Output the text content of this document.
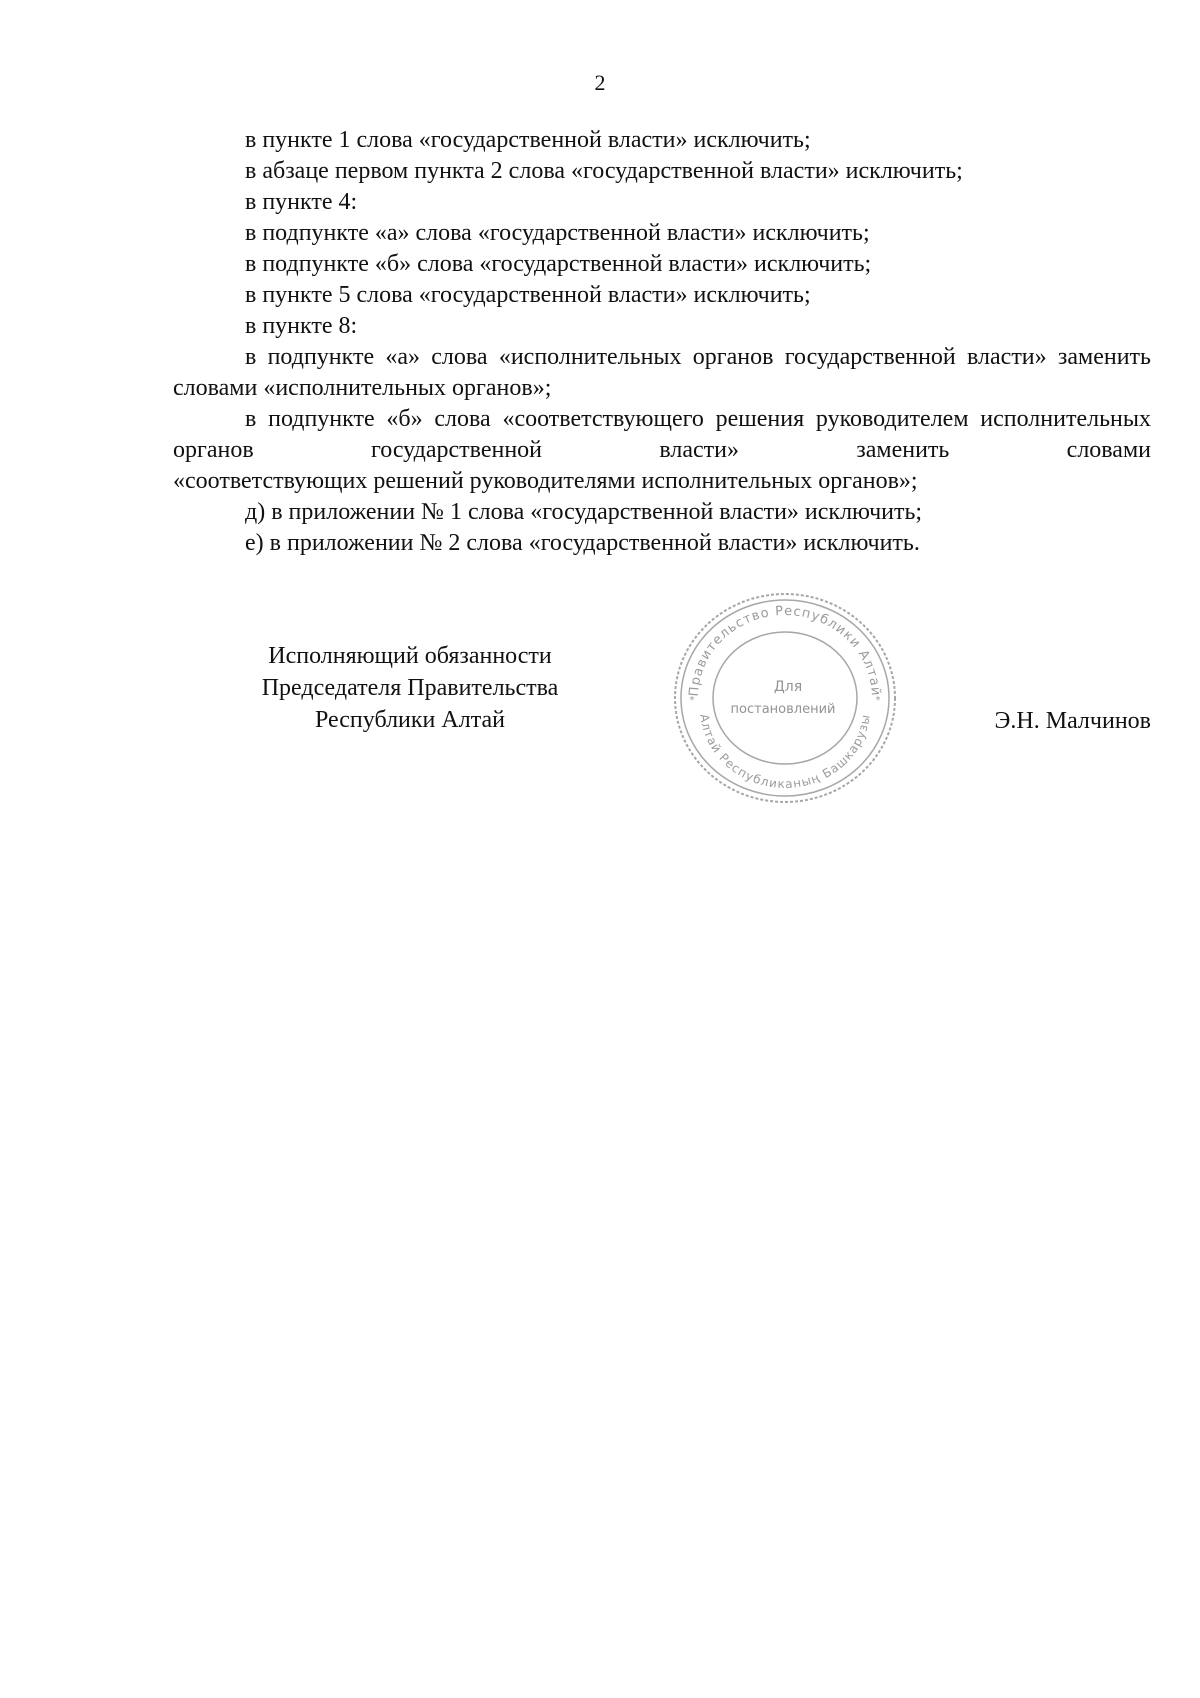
2

в пункте 1 слова «государственной власти» исключить;

в абзаце первом пункта 2 слова «государственной власти» исключить;

в пункте 4:

в подпункте «а» слова «государственной власти» исключить;

в подпункте «б» слова «государственной власти» исключить;

в пункте 5 слова «государственной власти» исключить;

в пункте 8:

в подпункте «а» слова «исполнительных органов государственной власти» заменить словами «исполнительных органов»;

в подпункте «б» слова «соответствующего решения руководителем исполнительных органов государственной власти» заменить словами

«соответствующих решений руководителями исполнительных органов»;

д) в приложении № 1 слова «государственной власти» исключить;

е) в приложении № 2 слова «государственной власти» исключить.

Исполняющий обязанности
Председателя Правительства
Республики Алтай	Э.Н. Малчинов
Правительство Республики Алтай
Алтай Республиканың Башкарузы
*	*
Для
постановлений
